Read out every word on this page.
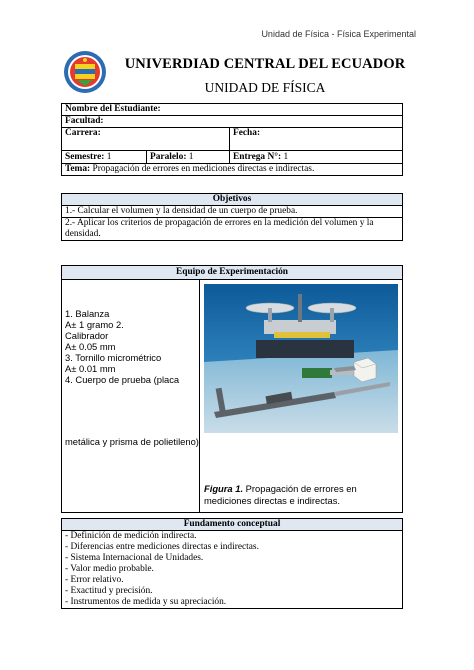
Unidad de Física - Física Experimental
UNIVERDIAD CENTRAL DEL ECUADOR
UNIDAD DE FÍSICA
Nombre del Estudiante:		
Facultad:		
Carrera:		Fecha:
Semestre: 1	Paralelo: 1	Entrega N°: 1
Tema: Propagación de errores en mediciones directas e indirectas.		
Objetivos
1.- Calcular el volumen y la densidad de un cuerpo de prueba.

2.- Aplicar los criterios de propagación de errores en la medición del volumen y la
densidad.
Equipo de Experimentación

1. Balanza
A± 1 gramo 2.
Calibrador
A± 0.05 mm
3. Tornillo micrométrico
A± 0.01 mm
4. Cuerpo de prueba (placa
metálica y prisma de polietileno)

Figura 1. Propagación de errores en mediciones directas e indirectas.
Fundamento conceptual

- Definición de medición indirecta.
- Diferencias entre mediciones directas e indirectas.
- Sistema Internacional de Unidades.
- Valor medio probable.
- Error relativo.
- Exactitud y precisión.
- Instrumentos de medida y su apreciación.
